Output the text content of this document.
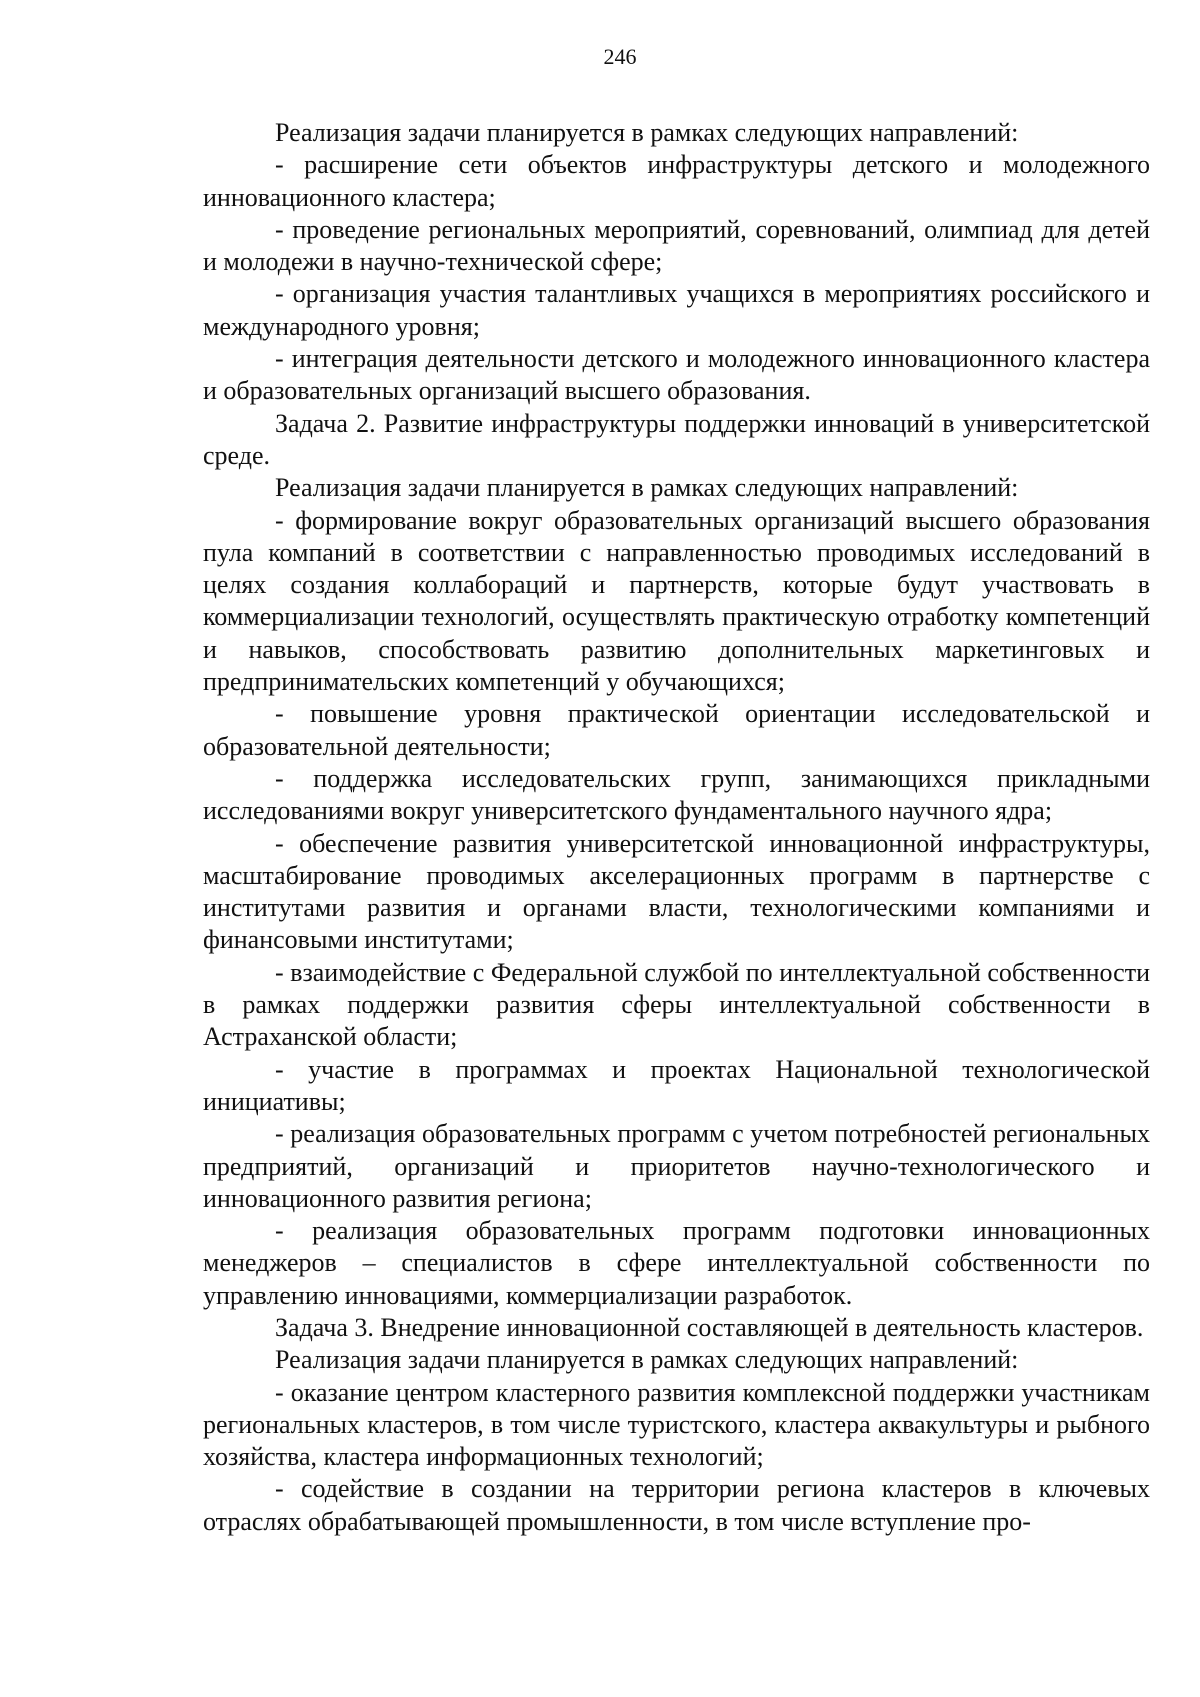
246

Реализация задачи планируется в рамках следующих направлений:

- расширение сети объектов инфраструктуры детского и молодежного инновационного кластера;

- проведение региональных мероприятий, соревнований, олимпиад для детей и молодежи в научно-технической сфере;

- организация участия талантливых учащихся в мероприятиях российского и международного уровня;

- интеграция деятельности детского и молодежного инновационного кластера и образовательных организаций высшего образования.

Задача 2. Развитие инфраструктуры поддержки инноваций в университетской среде.

Реализация задачи планируется в рамках следующих направлений:

- формирование вокруг образовательных организаций высшего образования пула компаний в соответствии с направленностью проводимых исследований в целях создания коллабораций и партнерств, которые будут участвовать в коммерциализации технологий, осуществлять практическую отработку компетенций и навыков, способствовать развитию дополнительных маркетинговых и предпринимательских компетенций у обучающихся;

- повышение уровня практической ориентации исследовательской и образовательной деятельности;

- поддержка исследовательских групп, занимающихся прикладными исследованиями вокруг университетского фундаментального научного ядра;

- обеспечение развития университетской инновационной инфраструктуры, масштабирование проводимых акселерационных программ в партнерстве с институтами развития и органами власти, технологическими компаниями и финансовыми институтами;

- взаимодействие с Федеральной службой по интеллектуальной собственности в рамках поддержки развития сферы интеллектуальной собственности в Астраханской области;

- участие в программах и проектах Национальной технологической инициативы;

- реализация образовательных программ с учетом потребностей региональных предприятий, организаций и приоритетов научно-технологического и инновационного развития региона;

- реализация образовательных программ подготовки инновационных менеджеров – специалистов в сфере интеллектуальной собственности по управлению инновациями, коммерциализации разработок.

Задача 3. Внедрение инновационной составляющей в деятельность кластеров.

Реализация задачи планируется в рамках следующих направлений:

- оказание центром кластерного развития комплексной поддержки участникам региональных кластеров, в том числе туристского, кластера аквакультуры и рыбного хозяйства, кластера информационных технологий;

- содействие в создании на территории региона кластеров в ключевых отраслях обрабатывающей промышленности, в том числе вступление про-
